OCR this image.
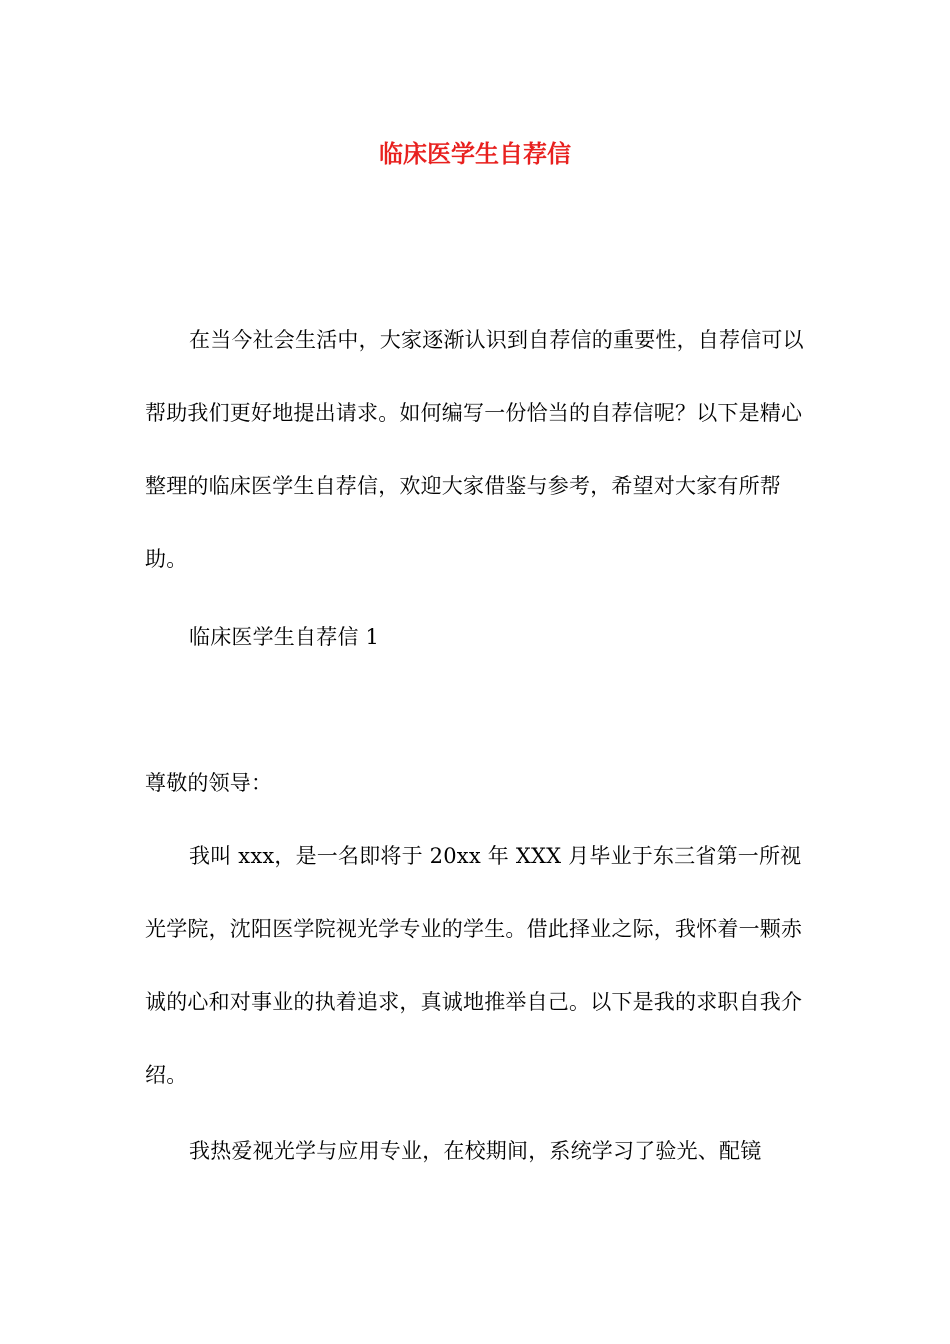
临床医学生自荐信

在当今社会生活中，大家逐渐认识到自荐信的重要性，自荐信可以帮助我们更好地提出请求。如何编写一份恰当的自荐信呢？以下是精心整理的临床医学生自荐信，欢迎大家借鉴与参考，希望对大家有所帮助。

临床医学生自荐信 1

尊敬的领导：

我叫 xxx，是一名即将于 20xx 年 XXX 月毕业于东三省第一所视光学院，沈阳医学院视光学专业的学生。借此择业之际，我怀着一颗赤诚的心和对事业的执着追求，真诚地推举自己。以下是我的求职自我介绍。

我热爱视光学与应用专业，在校期间，系统学习了验光、配镜
